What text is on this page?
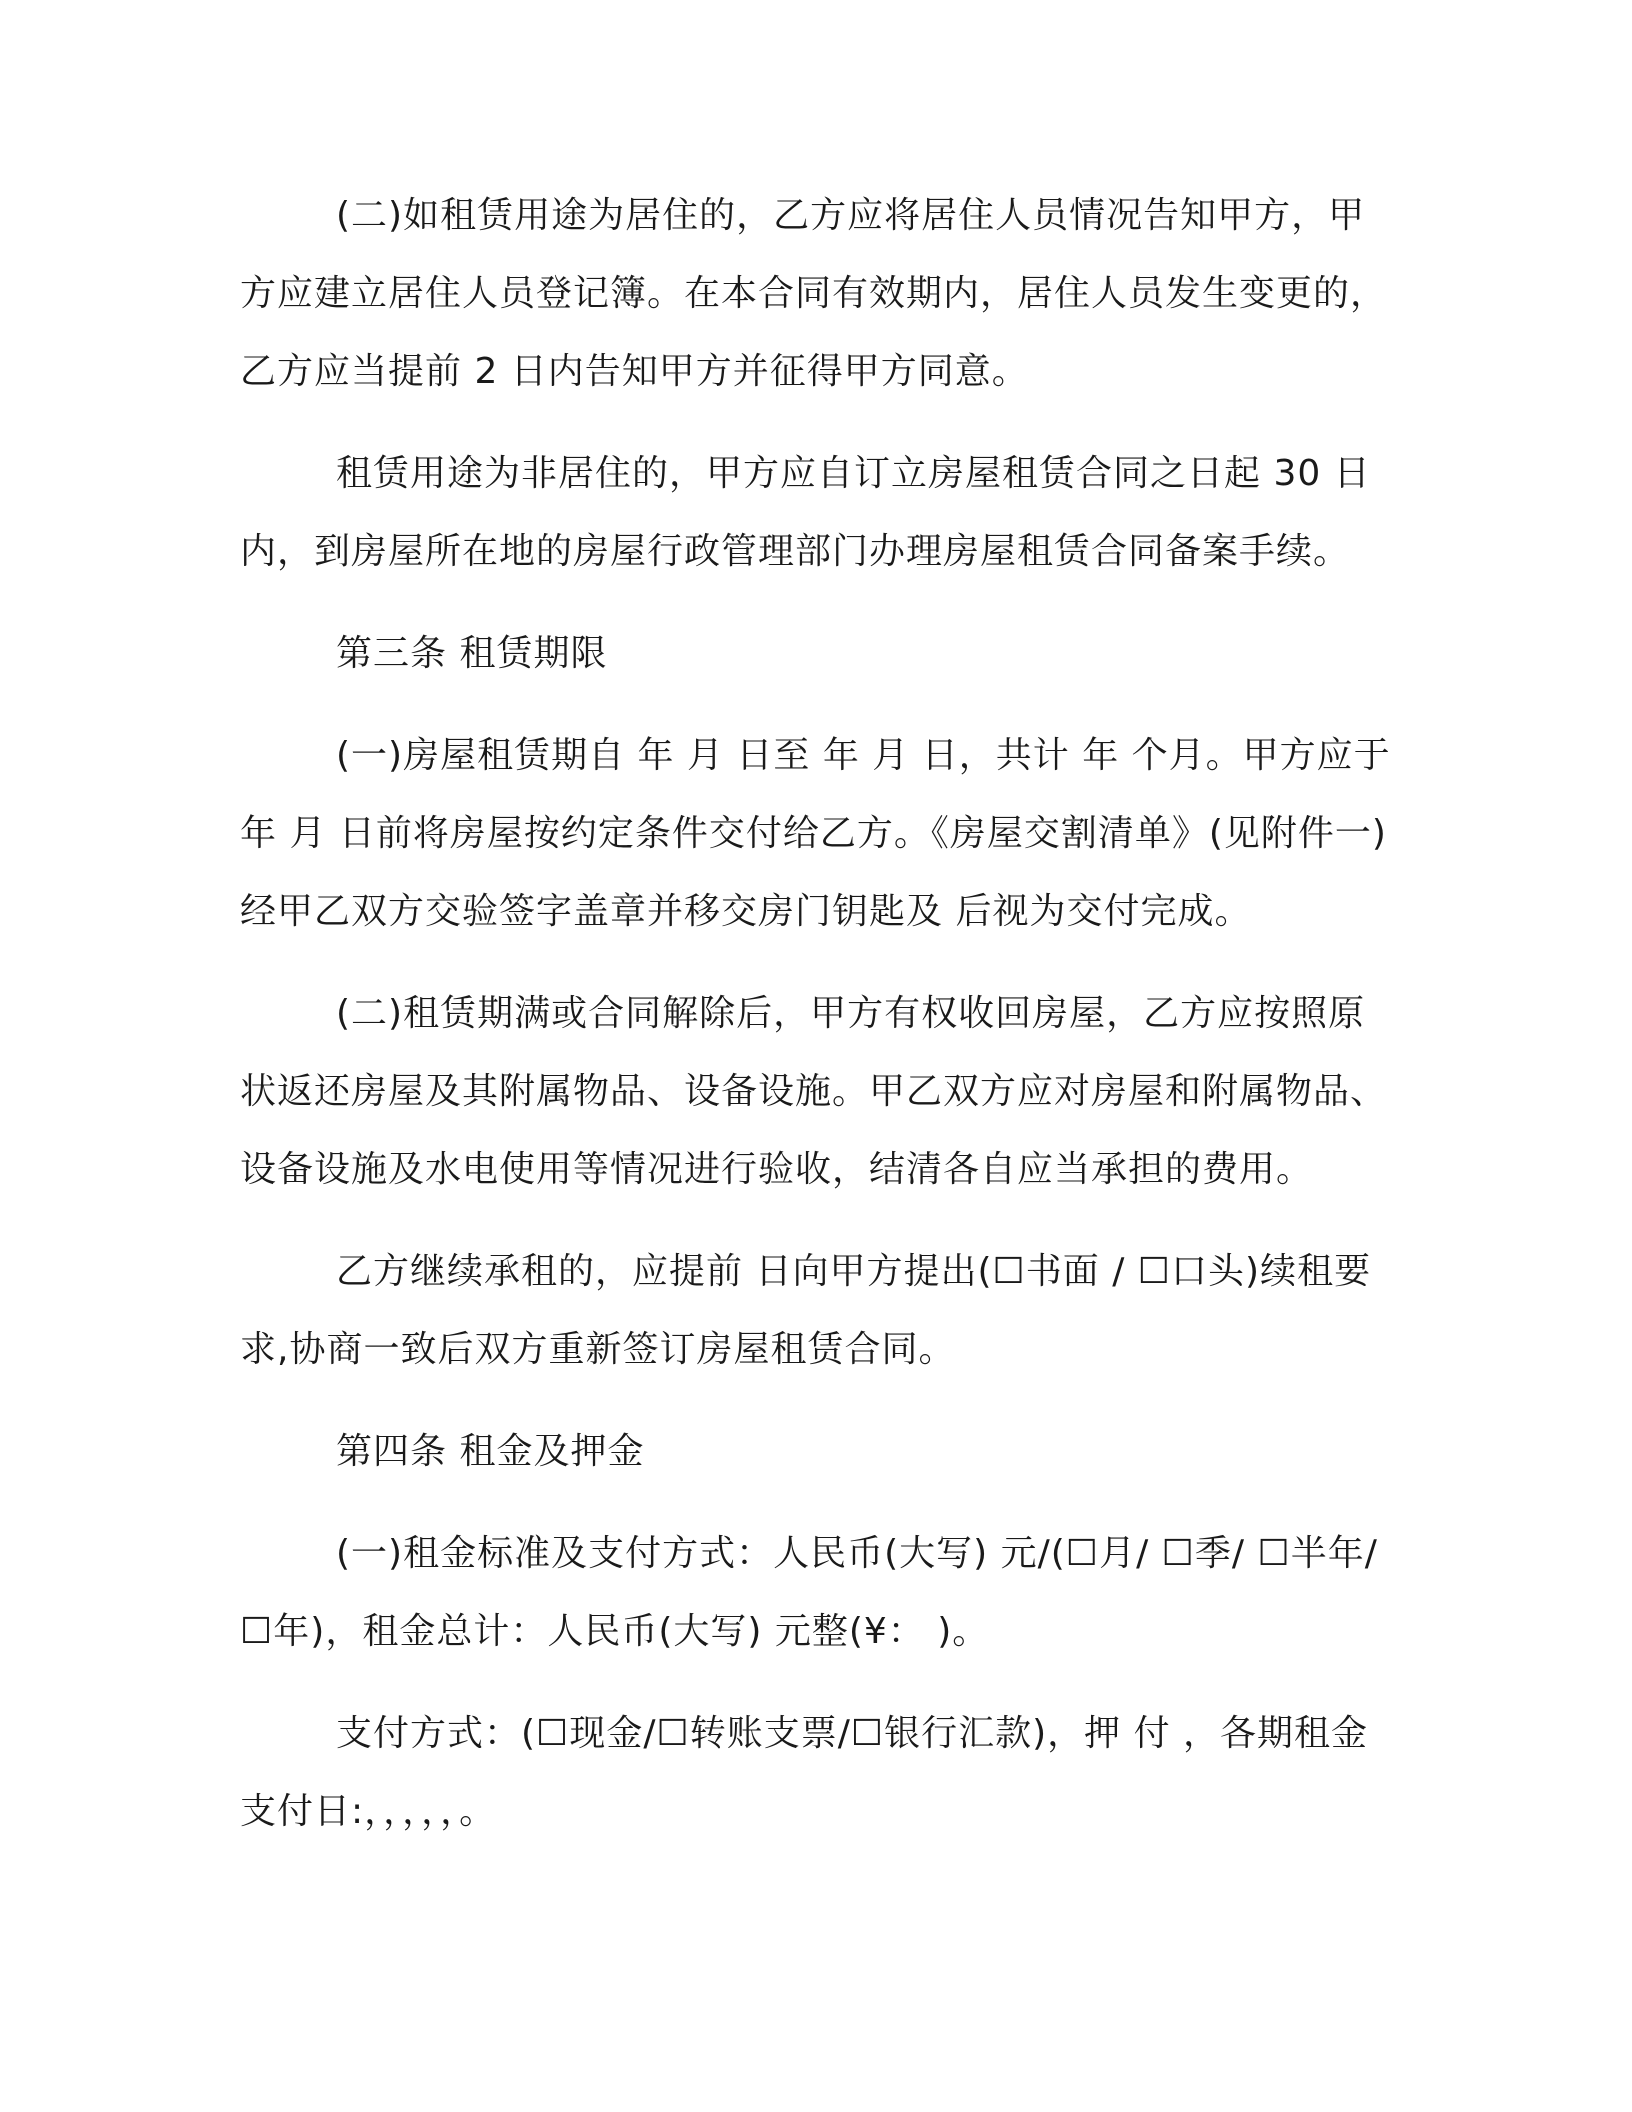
(二)如租赁用途为居住的，乙方应将居住人员情况告知甲方，甲
方应建立居住人员登记簿。在本合同有效期内，居住人员发生变更的，
乙方应当提前 2 日内告知甲方并征得甲方同意。
租赁用途为非居住的，甲方应自订立房屋租赁合同之日起 30 日
内，到房屋所在地的房屋行政管理部门办理房屋租赁合同备案手续。
第三条 租赁期限
(一)房屋租赁期自 年 月 日至 年 月 日，共计 年 个月。甲方应于
年 月 日前将房屋按约定条件交付给乙方。《房屋交割清单》(见附件一)
经甲乙双方交验签字盖章并移交房门钥匙及 后视为交付完成。
(二)租赁期满或合同解除后，甲方有权收回房屋，乙方应按照原
状返还房屋及其附属物品、设备设施。甲乙双方应对房屋和附属物品、
设备设施及水电使用等情况进行验收，结清各自应当承担的费用。
乙方继续承租的，应提前 日向甲方提出(☐书面 / ☐口头)续租要
求,协商一致后双方重新签订房屋租赁合同。
第四条 租金及押金
(一)租金标准及支付方式：人民币(大写) 元/(☐月/ ☐季/ ☐半年/
☐年)，租金总计：人民币(大写) 元整(¥： )。
支付方式：(☐现金/☐转账支票/☐银行汇款)，押 付 ，各期租金
支付日:，，，，，。
